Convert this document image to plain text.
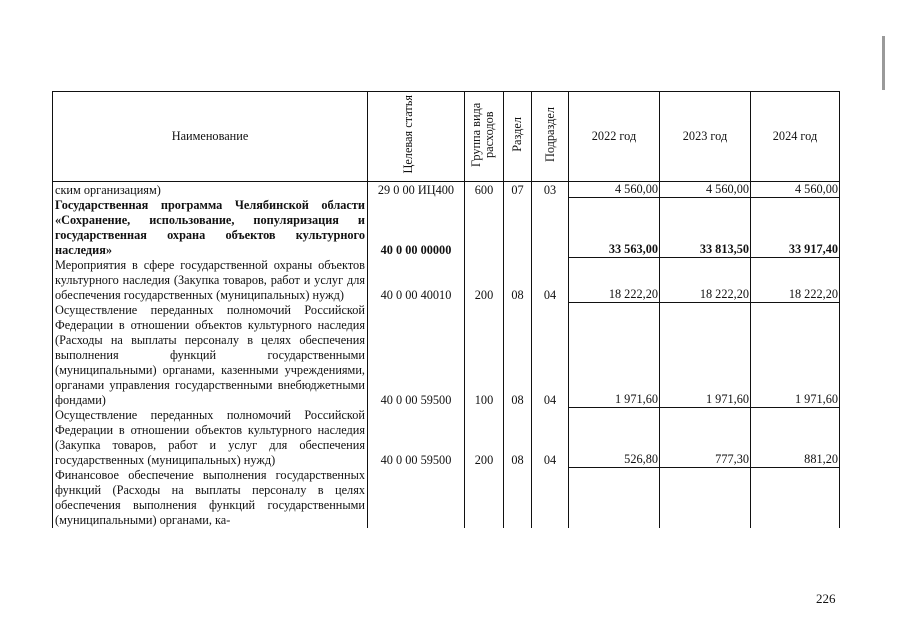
Наименование	Целевая статья	Группа вида расходов	Раздел	Подраздел	2022 год	2023 год	2024 год
ским организациям)	29 0 00 ИЦ400	600	07	03	4 560,00	4 560,00	4 560,00
Государственная программа Челябинской области «Сохранение, использование, популяризация и государственная охрана объектов культурного наследия»	40 0 00 00000				33 563,00	33 813,50	33 917,40
Мероприятия в сфере государственной охраны объектов культурного наследия (Закупка товаров, работ и услуг для обеспечения государственных (муниципальных) нужд)	40 0 00 40010	200	08	04	18 222,20	18 222,20	18 222,20
Осуществление переданных полномочий Российской Федерации в отношении объектов культурного наследия (Расходы на выплаты персоналу в целях обеспечения выполнения функций государственными (муниципальными) органами, казенными учреждениями, органами управления государственными внебюджетными фондами)	40 0 00 59500	100	08	04	1 971,60	1 971,60	1 971,60
Осуществление переданных полномочий Российской Федерации в отношении объектов культурного наследия (Закупка товаров, работ и услуг для обеспечения государственных (муниципальных) нужд)	40 0 00 59500	200	08	04	526,80	777,30	881,20
Финансовое обеспечение выполнения государственных функций (Расходы на выплаты персоналу в целях обеспечения выполнения функций государственными (муниципальными) органами, ка-							
226
